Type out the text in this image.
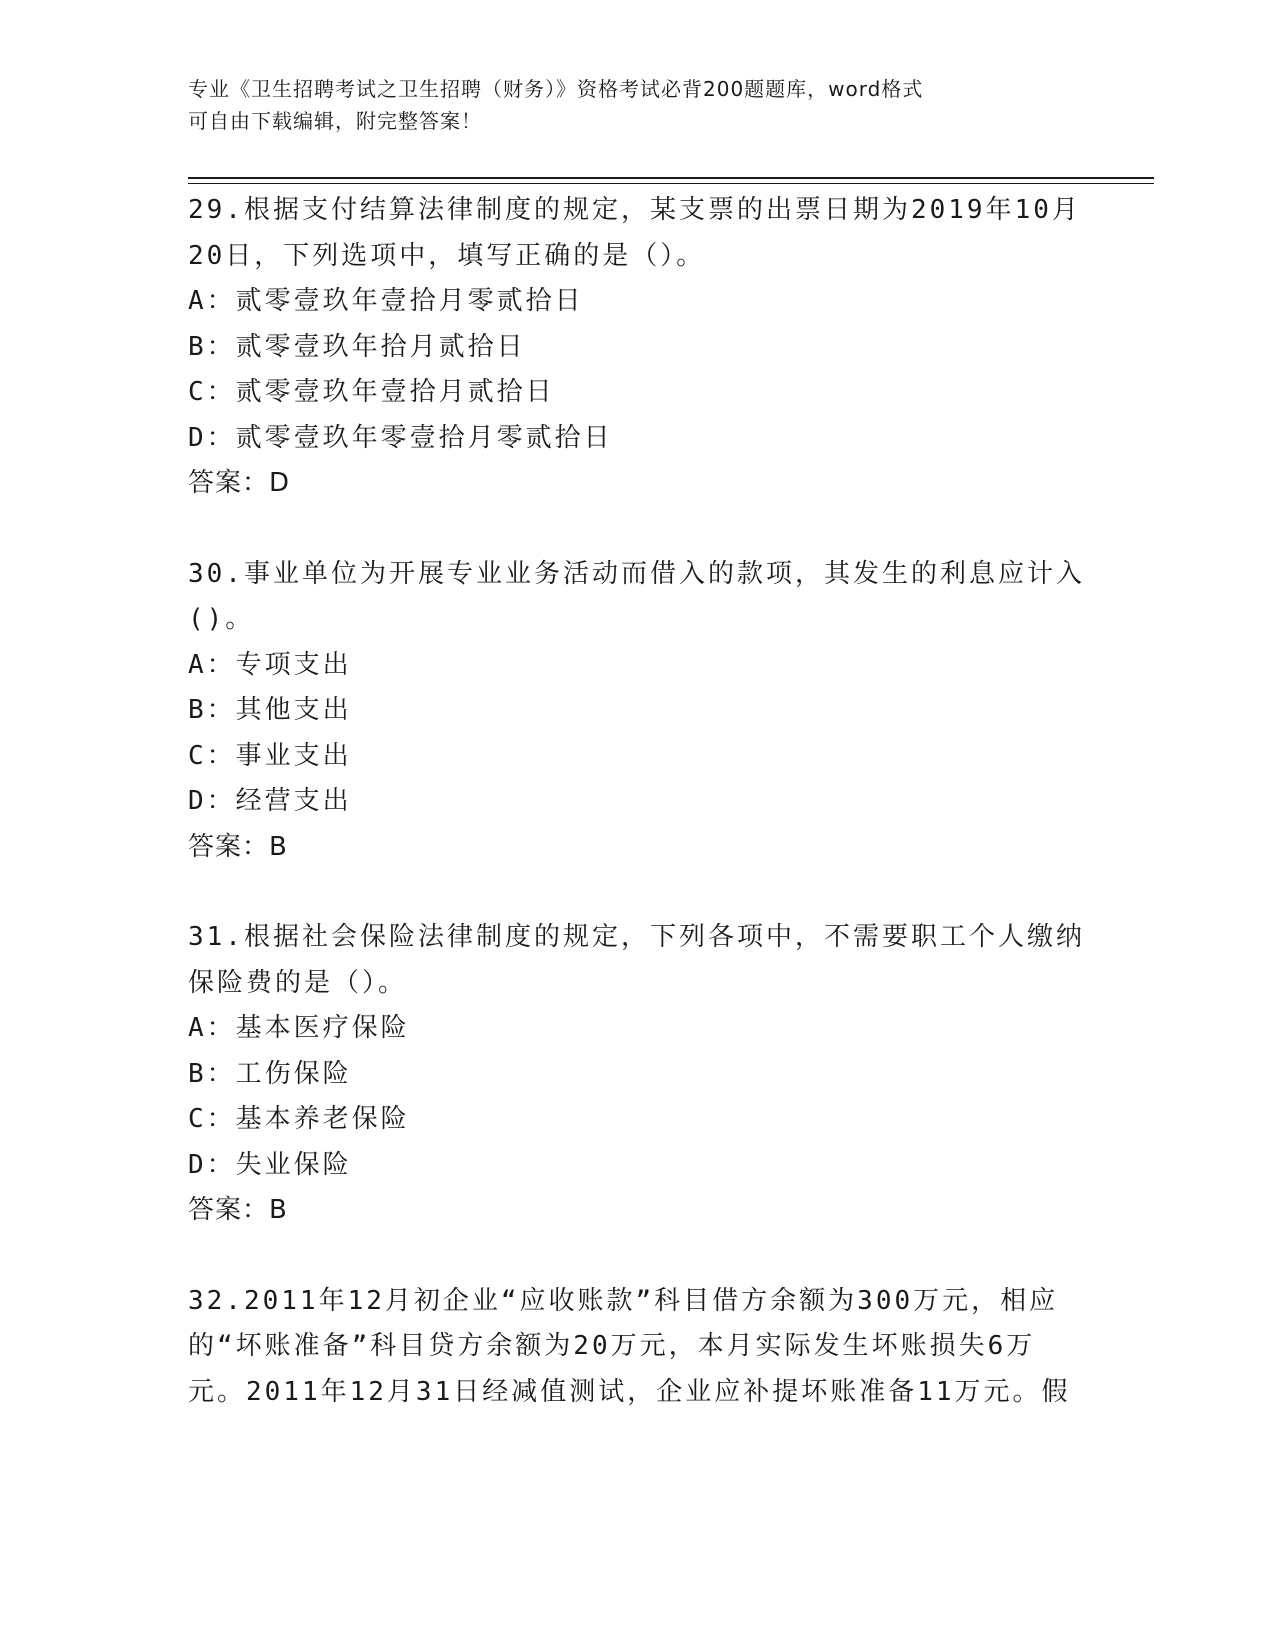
专业《卫生招聘考试之卫生招聘（财务）》资格考试必背200题题库，word格式
可自由下载编辑，附完整答案！
29.根据支付结算法律制度的规定，某支票的出票日期为2019年10月
20日，下列选项中，填写正确的是（）。
A：贰零壹玖年壹拾月零贰拾日
B：贰零壹玖年拾月贰拾日
C：贰零壹玖年壹拾月贰拾日
D：贰零壹玖年零壹拾月零贰拾日
答案：D
30.事业单位为开展专业业务活动而借入的款项，其发生的利息应计入
()。
A：专项支出
B：其他支出
C：事业支出
D：经营支出
答案：B
31.根据社会保险法律制度的规定，下列各项中，不需要职工个人缴纳
保险费的是（）。
A：基本医疗保险
B：工伤保险
C：基本养老保险
D：失业保险
答案：B
32.2011年12月初企业“应收账款”科目借方余额为300万元，相应
的“坏账准备”科目贷方余额为20万元，本月实际发生坏账损失6万
元。2011年12月31日经减值测试，企业应补提坏账准备11万元。假
